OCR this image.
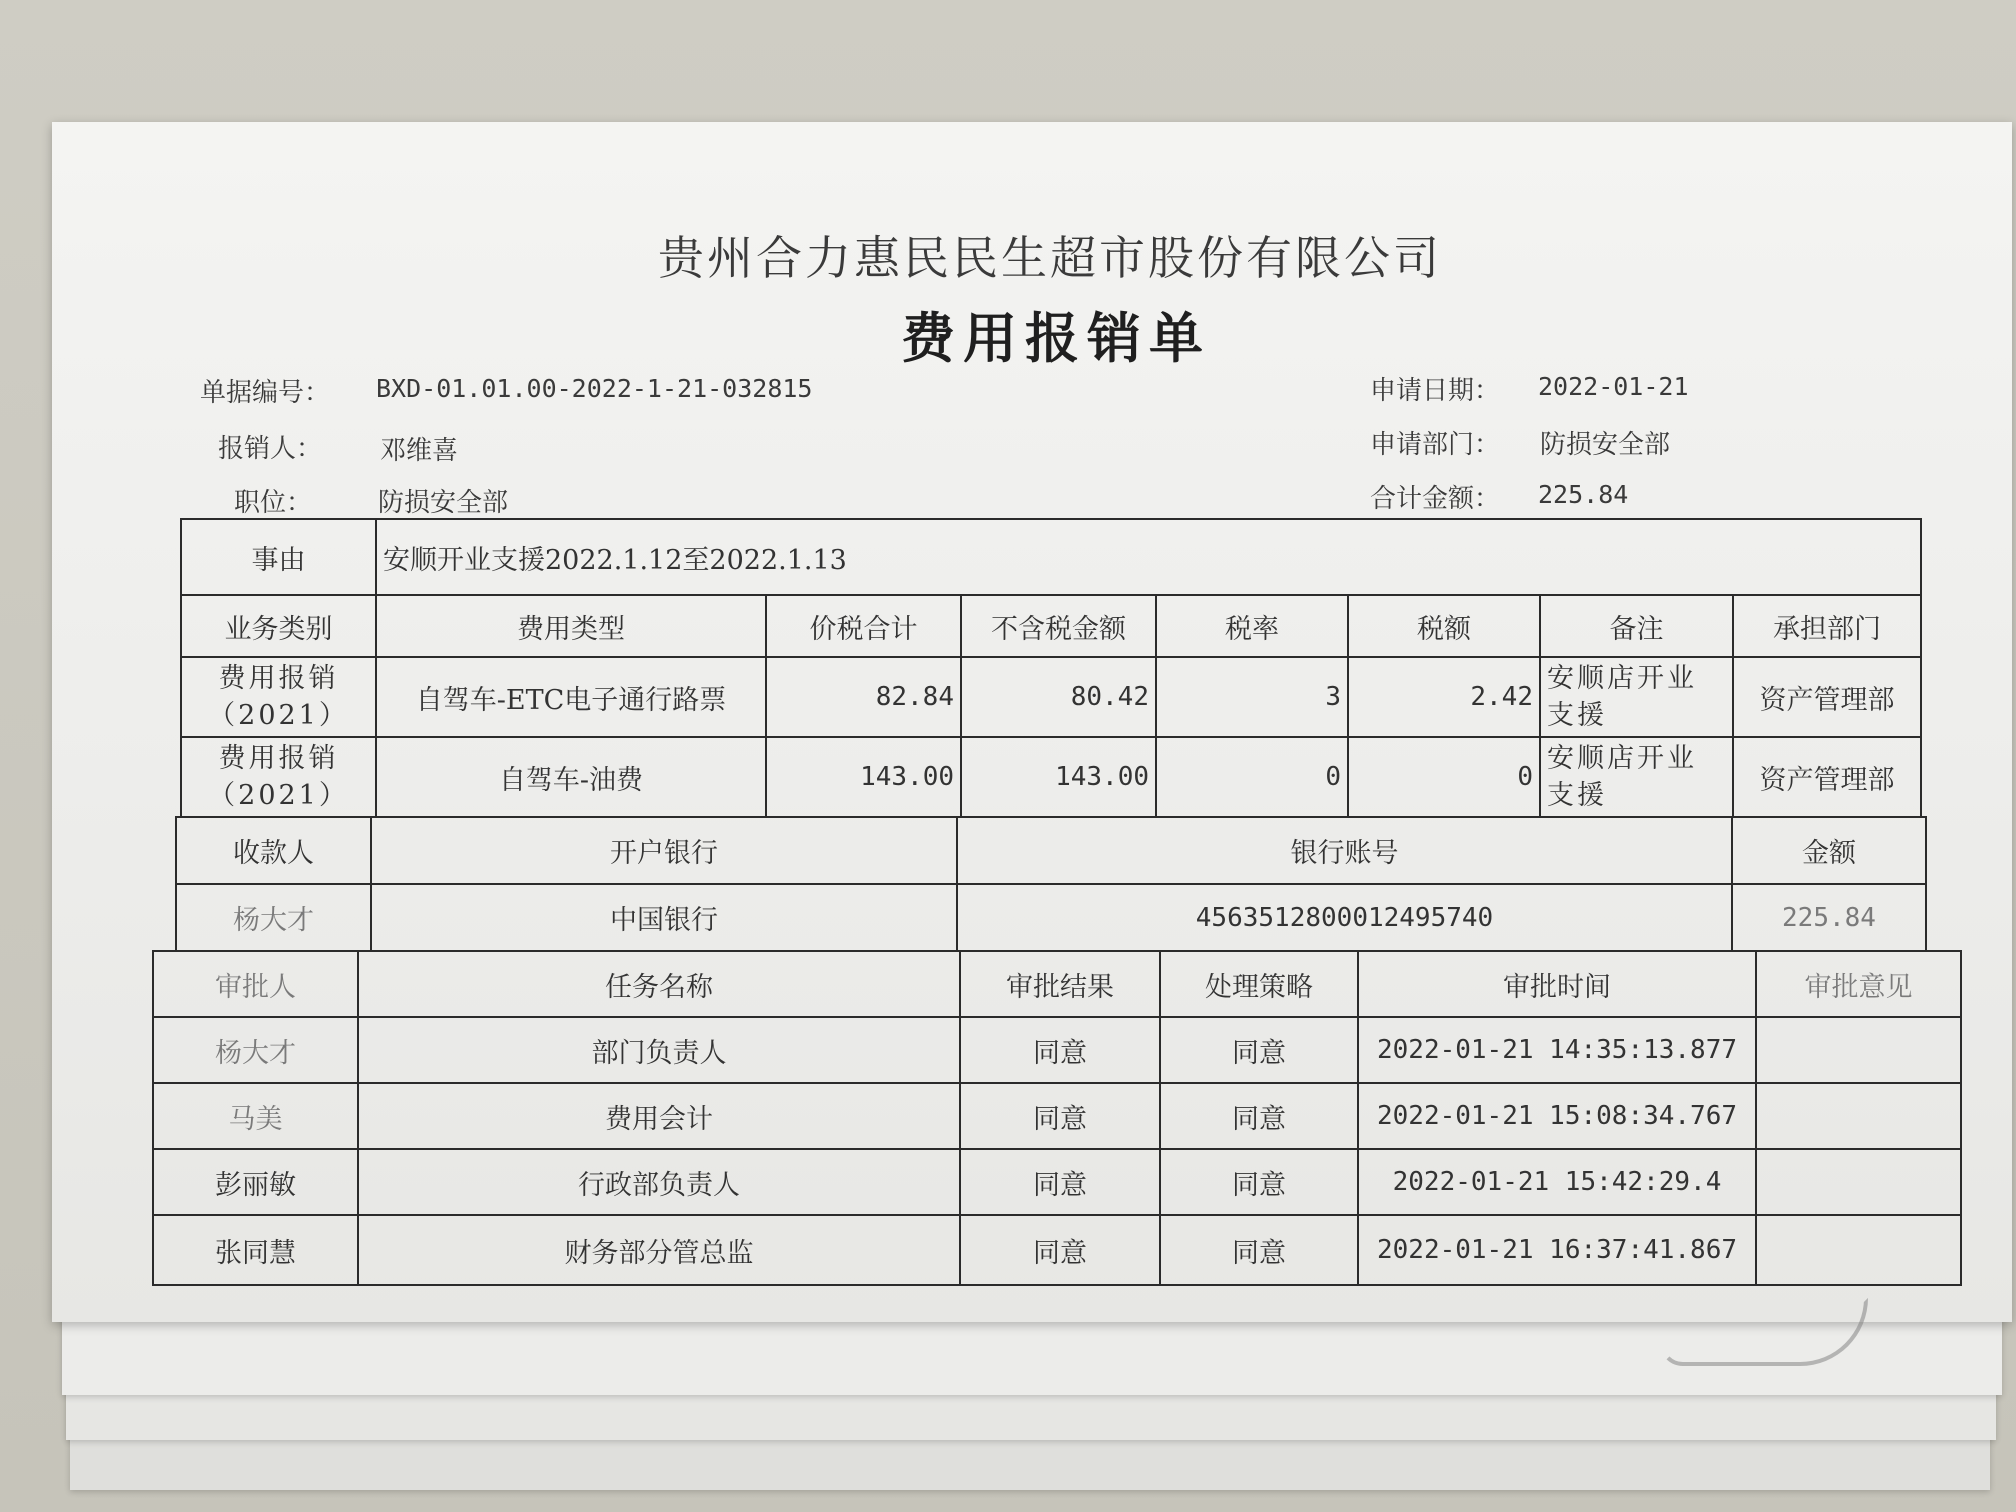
贵州合力惠民民生超市股份有限公司
费用报销单
单据编号： BXD-01.01.00-2022-1-21-032815
报销人： 邓维喜
职位：	防损安全部
申请日期： 2022-01-21
申请部门： 防损安全部
合计金额： 225.84
事由	安顺开业支援2022.1.12至2022.1.13						
业务类别	费用类型	价税合计	不含税金额	税率	税额	备注	承担部门
费用报销（2021）	自驾车-ETC电子通行路票	82.84	80.42	3	2.42	安顺店开业支援	资产管理部
费用报销（2021）	自驾车-油费	143.00	143.00	0	0	安顺店开业支援	资产管理部
收款人	开户银行	银行账号	金额
杨大才	中国银行	4563512800012495740	225.84
审批人	任务名称	审批结果	处理策略	审批时间	审批意见
杨大才	部门负责人	同意	同意	2022-01-21 14:35:13.877	
马美	费用会计	同意	同意	2022-01-21 15:08:34.767	
彭丽敏	行政部负责人	同意	同意	2022-01-21 15:42:29.4	
张同慧	财务部分管总监	同意	同意	2022-01-21 16:37:41.867	
